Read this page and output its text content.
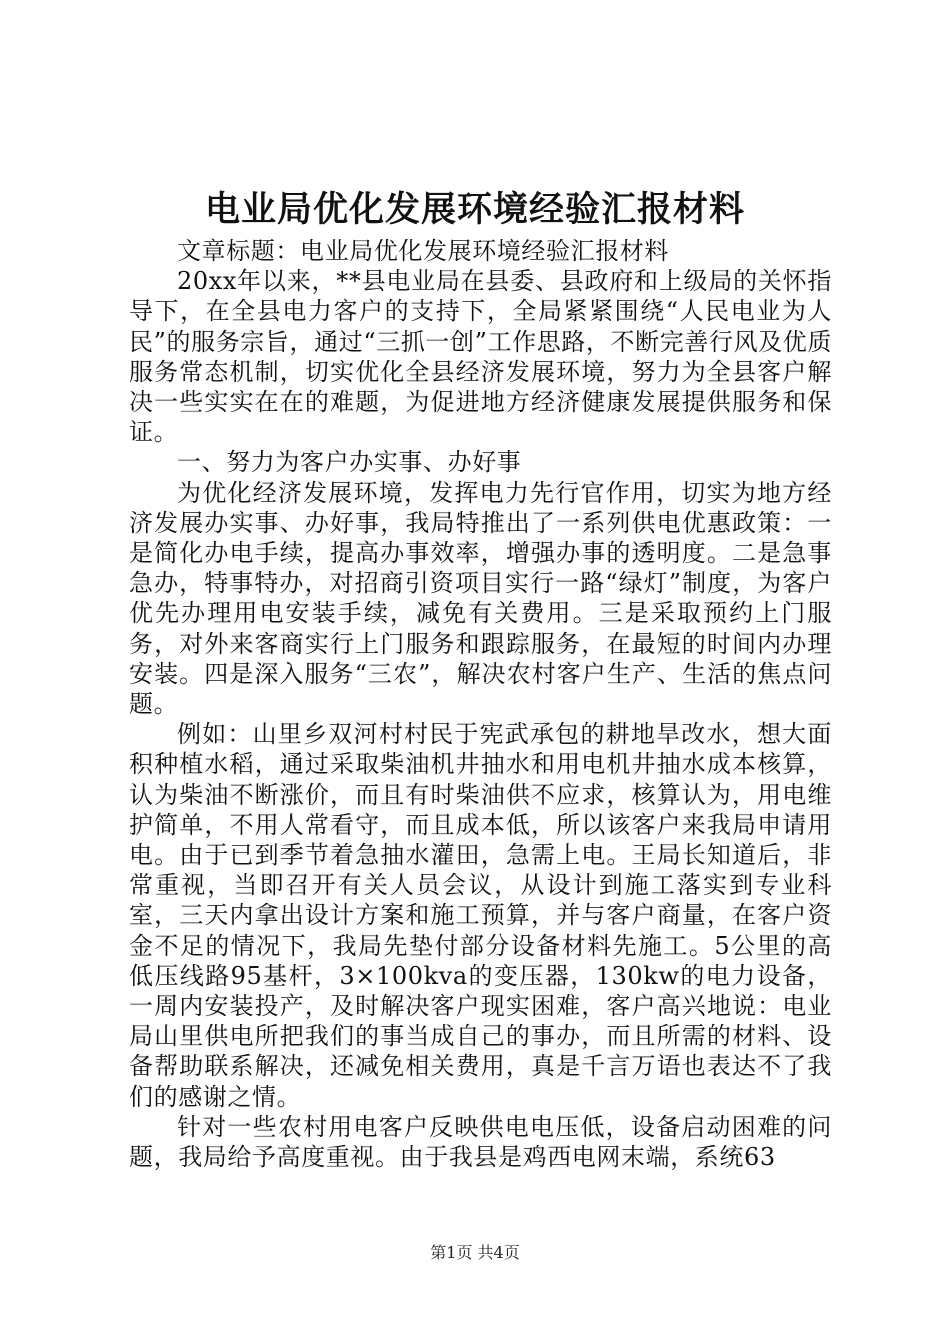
电业局优化发展环境经验汇报材料

文章标题：电业局优化发展环境经验汇报材料

20xx年以来，**县电业局在县委、县政府和上级局的关怀指导下，在全县电力客户的支持下，全局紧紧围绕“人民电业为人民”的服务宗旨，通过“三抓一创”工作思路，不断完善行风及优质服务常态机制，切实优化全县经济发展环境，努力为全县客户解决一些实实在在的难题，为促进地方经济健康发展提供服务和保证。

一、努力为客户办实事、办好事

为优化经济发展环境，发挥电力先行官作用，切实为地方经济发展办实事、办好事，我局特推出了一系列供电优惠政策：一是简化办电手续，提高办事效率，增强办事的透明度。二是急事急办，特事特办，对招商引资项目实行一路“绿灯”制度，为客户优先办理用电安装手续，减免有关费用。三是采取预约上门服务，对外来客商实行上门服务和跟踪服务，在最短的时间内办理安装。四是深入服务“三农”，解决农村客户生产、生活的焦点问题。

例如：山里乡双河村村民于宪武承包的耕地旱改水，想大面积种植水稻，通过采取柴油机井抽水和用电机井抽水成本核算，认为柴油不断涨价，而且有时柴油供不应求，核算认为，用电维护简单，不用人常看守，而且成本低，所以该客户来我局申请用电。由于已到季节着急抽水灌田，急需上电。王局长知道后，非常重视，当即召开有关人员会议，从设计到施工落实到专业科室，三天内拿出设计方案和施工预算，并与客户商量，在客户资金不足的情况下，我局先垫付部分设备材料先施工。5公里的高低压线路95基杆，3×100kva的变压器，130kw的电力设备，一周内安装投产，及时解决客户现实困难，客户高兴地说：电业局山里供电所把我们的事当成自己的事办，而且所需的材料、设备帮助联系解决，还减免相关费用，真是千言万语也表达不了我们的感谢之情。

针对一些农村用电客户反映供电电压低，设备启动困难的问题，我局给予高度重视。由于我县是鸡西电网末端，系统63

第1页 共4页
